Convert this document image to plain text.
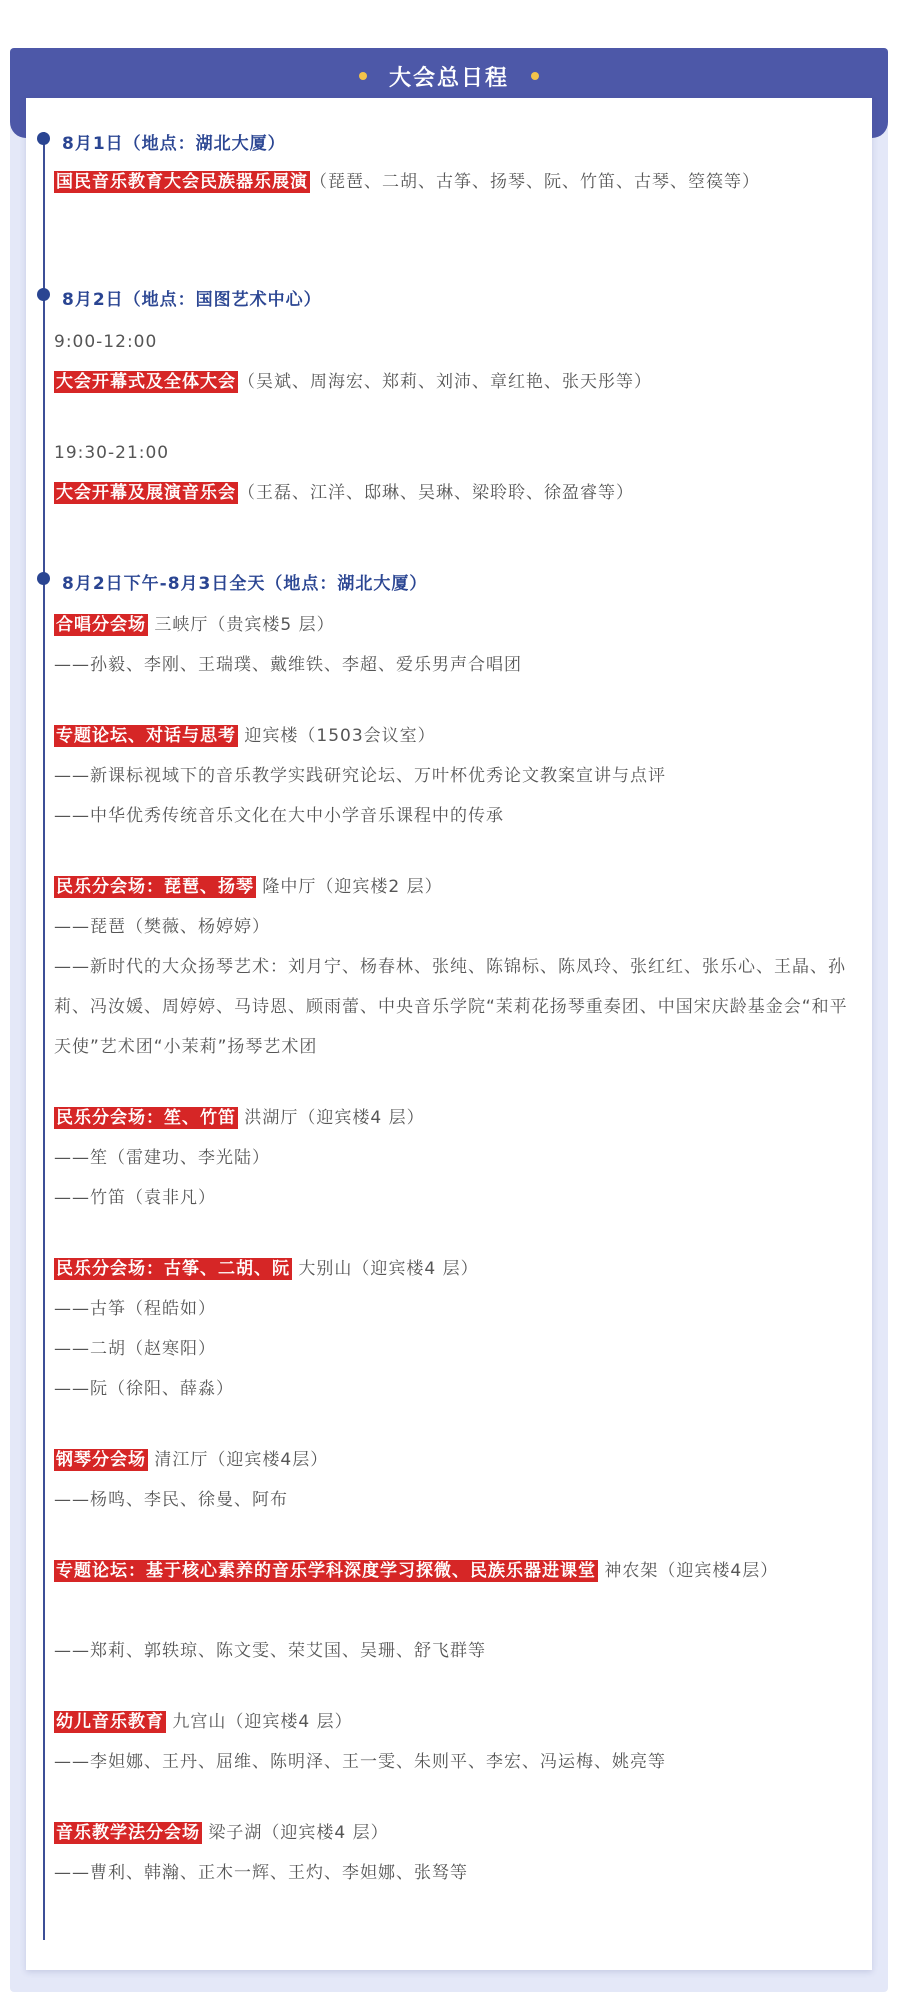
大会总日程
8月1日（地点：湖北大厦）
国民音乐教育大会民族器乐展演 （琵琶、二胡、古筝、扬琴、阮、竹笛、古琴、箜篌等）
8月2日（地点：国图艺术中心）
9:00-12:00
大会开幕式及全体大会 （吴斌、周海宏、郑莉、刘沛、章红艳、张天彤等）
19:30-21:00
大会开幕及展演音乐会 （王磊、江洋、邸琳、吴琳、梁聆聆、徐盈睿等）
8月2日下午-8月3日全天（地点：湖北大厦）
合唱分会场 三峡厅（贵宾楼5 层）
——孙毅、李刚、王瑞璞、戴维铁、李超、爱乐男声合唱团
专题论坛、对话与思考 迎宾楼（1503会议室）
——新课标视域下的音乐教学实践研究论坛、万叶杯优秀论文教案宣讲与点评
——中华优秀传统音乐文化在大中小学音乐课程中的传承
民乐分会场：琵琶、扬琴 隆中厅（迎宾楼2 层）
——琵琶（樊薇、杨婷婷）
——新时代的大众扬琴艺术：刘月宁、杨春林、张纯、陈锦标、陈凤玲、张红红、张乐心、王晶、孙莉、冯汝媛、周婷婷、马诗恩、顾雨蕾、中央音乐学院“茉莉花扬琴重奏团、中国宋庆龄基金会“和平天使”艺术团“小茉莉”扬琴艺术团
民乐分会场：笙、竹笛 洪湖厅（迎宾楼4 层）
——笙（雷建功、李光陆）
——竹笛（袁非凡）
民乐分会场：古筝、二胡、阮 大别山（迎宾楼4 层）
——古筝（程皓如）
——二胡（赵寒阳）
——阮（徐阳、薛淼）
钢琴分会场 清江厅（迎宾楼4层）
——杨鸣、李民、徐曼、阿布
专题论坛：基于核心素养的音乐学科深度学习探微、民族乐器进课堂 神农架（迎宾楼4层）
——郑莉、郭轶琼、陈文雯、荣艾国、吴珊、舒飞群等
幼儿音乐教育 九宫山（迎宾楼4 层）
——李妲娜、王丹、屈维、陈明泽、王一雯、朱则平、李宏、冯运梅、姚亮等
音乐教学法分会场 梁子湖（迎宾楼4 层）
——曹利、韩瀚、正木一辉、王灼、李妲娜、张驽等
